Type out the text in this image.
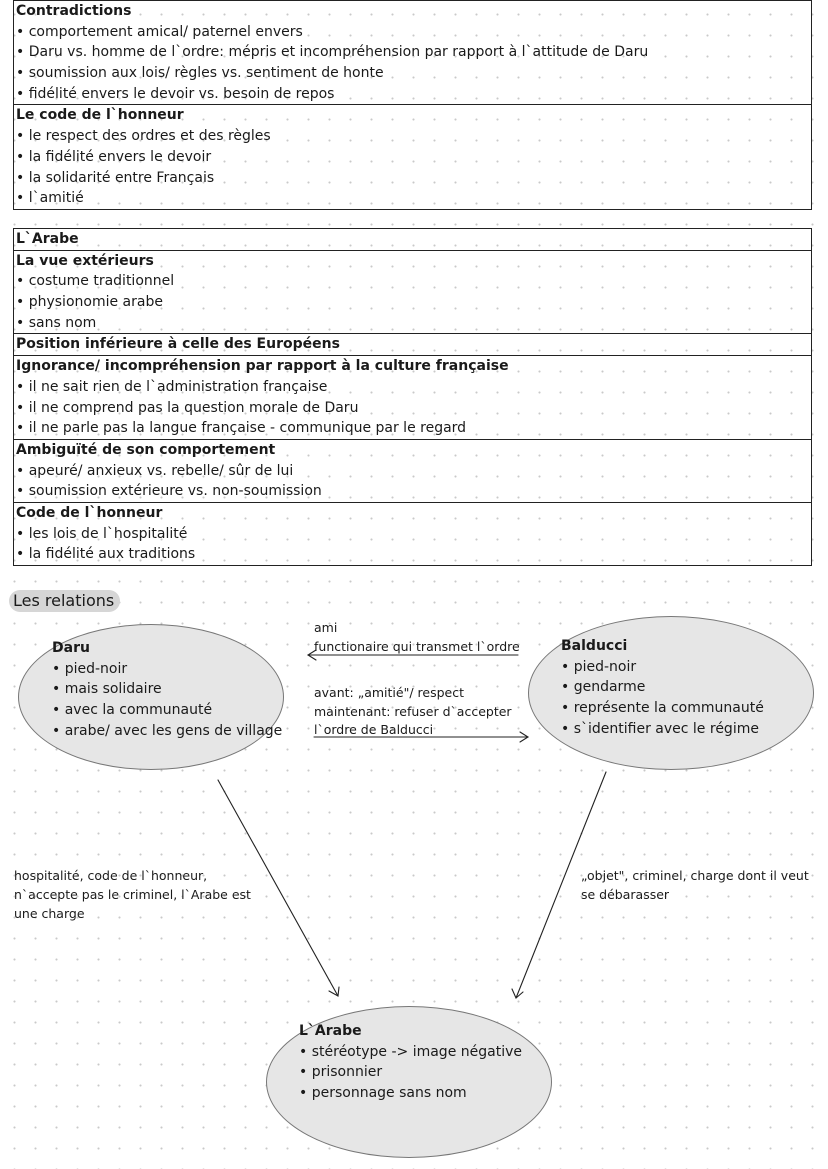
Contradictions
• comportement amical/ paternel envers
• Daru vs. homme de l`ordre: mépris et incompréhension par rapport à l`attitude de Daru
• soumission aux lois/ règles vs. sentiment de honte
• fidélité envers le devoir vs. besoin de repos
Le code de l`honneur
• le respect des ordres et des règles
• la fidélité envers le devoir
• la solidarité entre Français
• l`amitié
L`Arabe
La vue extérieurs
• costume traditionnel
• physionomie arabe
• sans nom
Position inférieure à celle des Européens
Ignorance/ incompréhension par rapport à la culture française
• il ne sait rien de l`administration française
• il ne comprend pas la question morale de Daru
• il ne parle pas la langue française - communique par le regard
Ambiguïté de son comportement
• apeuré/ anxieux vs. rebelle/ sûr de lui
• soumission extérieure vs. non-soumission
Code de l`honneur
• les lois de l`hospitalité
• la fidélité aux traditions
Les relations
Daru
• pied-noir
• mais solidaire
• avec la communauté
• arabe/ avec les gens de village
Balducci
• pied-noir
• gendarme
• représente la communauté
• s`identifier avec le régime
L`Arabe
• stéréotype -> image négative
• prisonnier
• personnage sans nom
ami
functionaire qui transmet l`ordre
avant: „amitié"/ respect
maintenant: refuser d`accepter
l`ordre de Balducci
hospitalité, code de l`honneur,
n`accepte pas le criminel, l`Arabe est
une charge
„objet", criminel, charge dont il veut
se débarasser
